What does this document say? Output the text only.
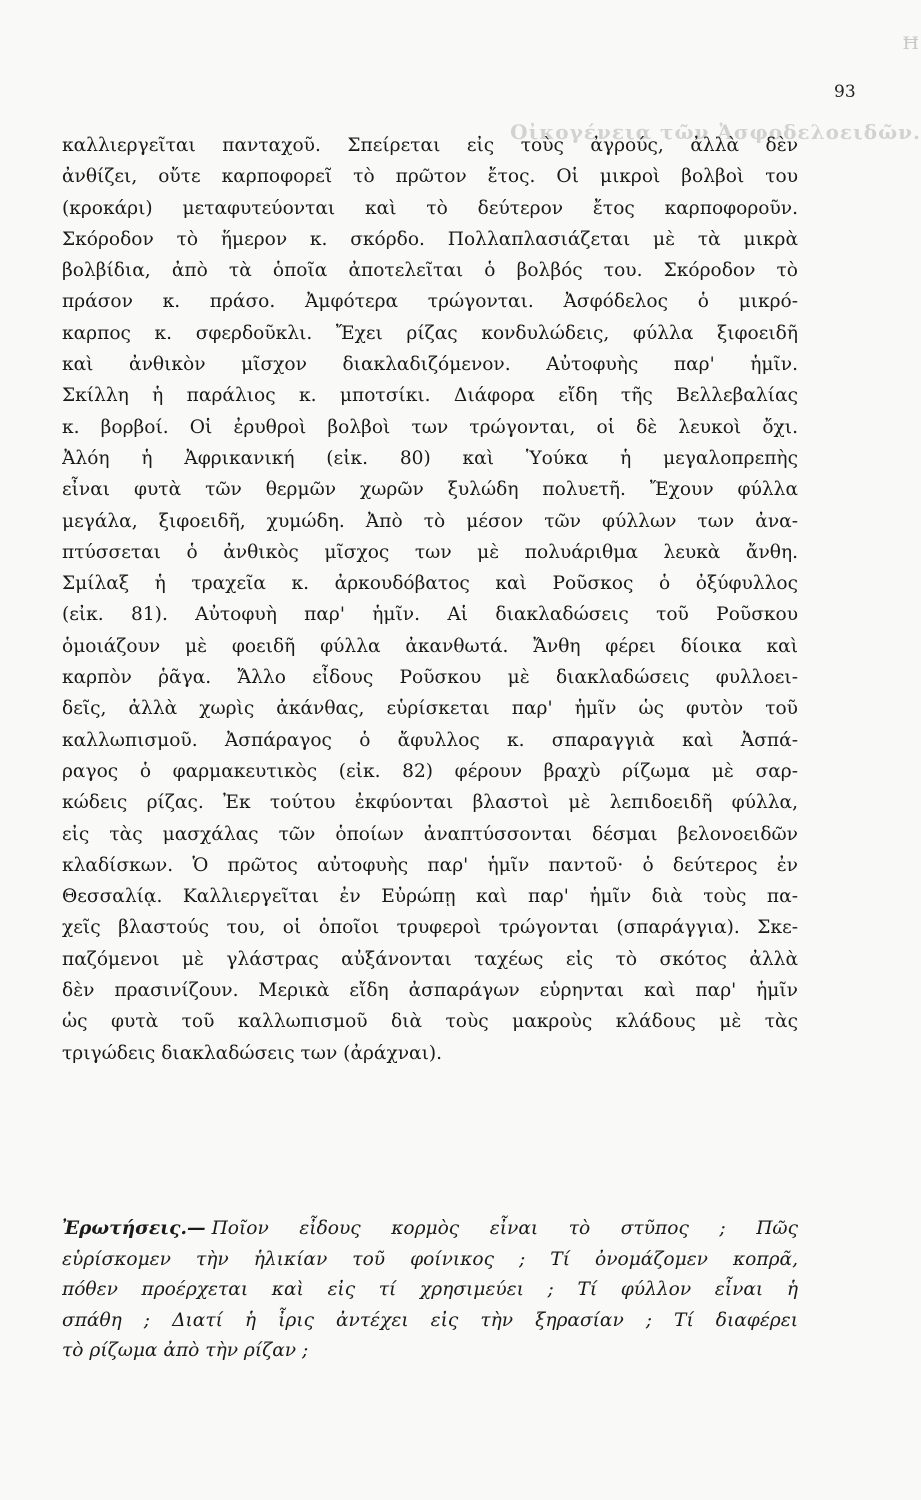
ꟸ
Οἰκογένεια τῶν Ἀσφοδελοειδῶν.
93
καλλιεργεῖται πανταχοῦ. Σπείρεται εἰς τοὺς ἀγρούς, ἀλλὰ δὲν
ἀνθίζει, οὔτε καρποφορεῖ τὸ πρῶτον ἔτος. Οἱ μικροὶ βολβοὶ του
(κροκάρι) μεταφυτεύονται καὶ τὸ δεύτερον ἔτος καρποφοροῦν.
Σκόροδον τὸ ἥμερον κ. σκόρδο. Πολλαπλασιάζεται μὲ τὰ μικρὰ
βολβίδια, ἀπὸ τὰ ὁποῖα ἀποτελεῖται ὁ βολβός του. Σκόροδον τὸ
πράσον κ. πράσο. Ἀμφότερα τρώγονται. Ἀσφόδελος ὁ μικρό-
καρπος κ. σφερδοῦκλι. Ἔχει ρίζας κονδυλώδεις, φύλλα ξιφοειδῆ
καὶ ἀνθικὸν μῖσχον διακλαδιζόμενον. Αὐτοφυὴς παρ' ἡμῖν.
Σκίλλη ἡ παράλιος κ. μποτσίκι. Διάφορα εἴδη τῆς Βελλεβαλίας
κ. βορβοί. Οἱ ἐρυθροὶ βολβοὶ των τρώγονται, οἱ δὲ λευκοὶ ὄχι.
Ἀλόη ἡ Ἀφρικανική (εἰκ. 80) καὶ Ὑούκα ἡ μεγαλοπρεπὴς
εἶναι φυτὰ τῶν θερμῶν χωρῶν ξυλώδη πολυετῆ. Ἔχουν φύλλα
μεγάλα, ξιφοειδῆ, χυμώδη. Ἀπὸ τὸ μέσον τῶν φύλλων των ἀνα-
πτύσσεται ὁ ἀνθικὸς μῖσχος των μὲ πολυάριθμα λευκὰ ἄνθη.
Σμίλαξ ἡ τραχεῖα κ. ἀρκουδόβατος καὶ Ροῦσκος ὁ ὀξύφυλλος
(εἰκ. 81). Αὐτοφυὴ παρ' ἡμῖν. Αἱ διακλαδώσεις τοῦ Ροῦσκου
ὁμοιάζουν μὲ φοειδῆ φύλλα ἀκανθωτά. Ἄνθη φέρει δίοικα καὶ
καρπὸν ῥᾶγα. Ἄλλο εἶδους Ροῦσκου μὲ διακλαδώσεις φυλλοει-
δεῖς, ἀλλὰ χωρὶς ἀκάνθας, εὑρίσκεται παρ' ἡμῖν ὡς φυτὸν τοῦ
καλλωπισμοῦ. Ἀσπάραγος ὁ ἄφυλλος κ. σπαραγγιὰ καὶ Ἀσπά-
ραγος ὁ φαρμακευτικὸς (εἰκ. 82) φέρουν βραχὺ ρίζωμα μὲ σαρ-
κώδεις ρίζας. Ἐκ τούτου ἐκφύονται βλαστοὶ μὲ λεπιδοειδῆ φύλλα,
εἰς τὰς μασχάλας τῶν ὁποίων ἀναπτύσσονται δέσμαι βελονοειδῶν
κλαδίσκων. Ὁ πρῶτος αὐτοφυὴς παρ' ἡμῖν παντοῦ· ὁ δεύτερος ἐν
Θεσσαλίᾳ. Καλλιεργεῖται ἐν Εὐρώπῃ καὶ παρ' ἡμῖν διὰ τοὺς πα-
χεῖς βλαστούς του, οἱ ὁποῖοι τρυφεροὶ τρώγονται (σπαράγγια). Σκε-
παζόμενοι μὲ γλάστρας αὐξάνονται ταχέως εἰς τὸ σκότος ἀλλὰ
δὲν πρασινίζουν. Μερικὰ εἴδη ἀσπαράγων εὑρηνται καὶ παρ' ἡμῖν
ὡς φυτὰ τοῦ καλλωπισμοῦ διὰ τοὺς μακροὺς κλάδους μὲ τὰς
τριγώδεις διακλαδώσεις των (ἀράχναι).
Ἐρωτήσεις.— Ποῖον εἶδους κορμὸς εἶναι τὸ στῦπος ; Πῶς
εὑρίσκομεν τὴν ἡλικίαν τοῦ φοίνικος ; Τί ὀνομάζομεν κοπρᾶ,
πόθεν προέρχεται καὶ εἰς τί χρησιμεύει ; Τί φύλλον εἶναι ἡ
σπάθη ; Διατί ἡ ἶρις ἀντέχει εἰς τὴν ξηρασίαν ; Τί διαφέρει
τὸ ρίζωμα ἀπὸ τὴν ρίζαν ;
